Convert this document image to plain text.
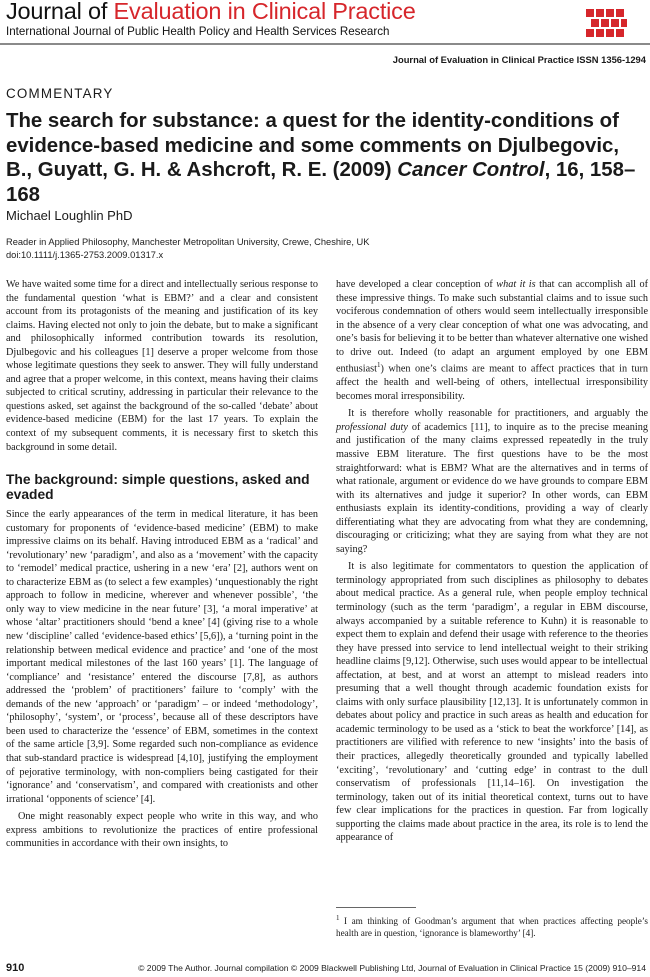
Journal of Evaluation in Clinical Practice
International Journal of Public Health Policy and Health Services Research
Journal of Evaluation in Clinical Practice ISSN 1356-1294
COMMENTARY
The search for substance: a quest for the identity-conditions of evidence-based medicine and some comments on Djulbegovic, B., Guyatt, G. H. & Ashcroft, R. E. (2009) Cancer Control, 16, 158–168
Michael Loughlin PhD
Reader in Applied Philosophy, Manchester Metropolitan University, Crewe, Cheshire, UK
doi:10.1111/j.1365-2753.2009.01317.x

We have waited some time for a direct and intellectually serious response to the fundamental question ‘what is EBM?’ and a clear and consistent account from its protagonists of the meaning and justification of its key claims. Having elected not only to join the debate, but to make a significant and philosophically informed contribution towards its resolution, Djulbegovic and his colleagues [1] deserve a proper welcome from those whose legitimate questions they seek to answer. They will fully understand and agree that a proper welcome, in this context, means having their claims subjected to critical scrutiny, addressing in particular their relevance to the questions asked, set against the background of the so-called ‘debate’ about evidence-based medicine (EBM) for the last 17 years. To explain the context of my subsequent comments, it is necessary first to sketch this background in some detail.

The background: simple questions, asked and evaded

Since the early appearances of the term in medical literature, it has been customary for proponents of ‘evidence-based medicine’ (EBM) to make impressive claims on its behalf. Having introduced EBM as a ‘radical’ and ‘revolutionary’ new ‘paradigm’, and also as a ‘movement’ with the capacity to ‘remodel’ medical practice, ushering in a new ‘era’ [2], authors went on to characterize EBM as (to select a few examples) ‘unquestionably the right approach to follow in medicine, wherever and whenever possible’, ‘the only way to view medicine in the near future’ [3], ‘a moral imperative’ at whose ‘altar’ practitioners should ‘bend a knee’ [4] (giving rise to a whole new ‘discipline’ called ‘evidence-based ethics’ [5,6]), a ‘turning point in the relationship between medical evidence and practice’ and ‘one of the most important medical milestones of the last 160 years’ [1]. The language of ‘compliance’ and ‘resistance’ entered the discourse [7,8], as authors addressed the ‘problem’ of practitioners’ failure to ‘comply’ with the demands of the new ‘approach’ or ‘paradigm’ – or indeed ‘methodology’, ‘philosophy’, ‘system’, or ‘process’, because all of these descriptors have been used to characterize the ‘essence’ of EBM, sometimes in the context of the same article [3,9]. Some regarded such non-compliance as evidence that sub-standard practice is widespread [4,10], justifying the employment of pejorative terminology, with non-compliers being castigated for their ‘ignorance’ and ‘conservatism’, and compared with creationists and other irrational ‘opponents of science’ [4].

One might reasonably expect people who write in this way, and who express ambitions to revolutionize the practices of entire professional communities in accordance with their own insights, to

have developed a clear conception of what it is that can accomplish all of these impressive things. To make such substantial claims and to issue such vociferous condemnation of others would seem intellectually irresponsible in the absence of a very clear conception of what one was advocating, and one’s basis for believing it to be better than whatever alternative one wished to drive out. Indeed (to adapt an argument employed by one EBM enthusiast$^1$) when one’s claims are meant to affect practices that in turn affect the health and well-being of others, intellectual irresponsibility becomes moral irresponsibility.

It is therefore wholly reasonable for practitioners, and arguably the professional duty of academics [11], to inquire as to the precise meaning and justification of the many claims expressed repeatedly in the truly massive EBM literature. The first questions have to be the most straightforward: what is EBM? What are the alternatives and in terms of what rationale, argument or evidence do we have grounds to compare EBM with its alternatives and judge it superior? In other words, can EBM enthusiasts explain its identity-conditions, providing a way of clearly differentiating what they are advocating from what they are condemning, discouraging or criticizing; what they are saying from what they are not saying?

It is also legitimate for commentators to question the application of terminology appropriated from such disciplines as philosophy to debates about medical practice. As a general rule, when people employ technical terminology (such as the term ‘paradigm’, a regular in EBM discourse, always accompanied by a suitable reference to Kuhn) it is reasonable to expect them to explain and defend their usage with reference to the theories they have pressed into service to lend intellectual weight to their striking headline claims [9,12]. Otherwise, such uses would appear to be intellectual affectation, at best, and at worst an attempt to mislead readers into presuming that a well thought through academic foundation exists for claims with only surface plausibility [12,13]. It is unfortunately common in debates about policy and practice in such areas as health and education for academic terminology to be used as a ‘stick to beat the workforce’ [14], as practitioners are vilified with reference to new ‘insights’ into the basis of their practices, allegedly theoretically grounded and typically labelled ‘exciting’, ‘revolutionary’ and ‘cutting edge’ in contrast to the dull conservatism of professionals [11,14–16]. On investigation the terminology, taken out of its initial theoretical context, turns out to have few clear implications for the practices in question. Far from logically supporting the claims made about practice in the area, its role is to lend the appearance of

$^1$ I am thinking of Goodman’s argument that when practices affecting people’s health are in question, ‘ignorance is blameworthy’ [4].
910	© 2009 The Author. Journal compilation © 2009 Blackwell Publishing Ltd, Journal of Evaluation in Clinical Practice 15 (2009) 910–914
